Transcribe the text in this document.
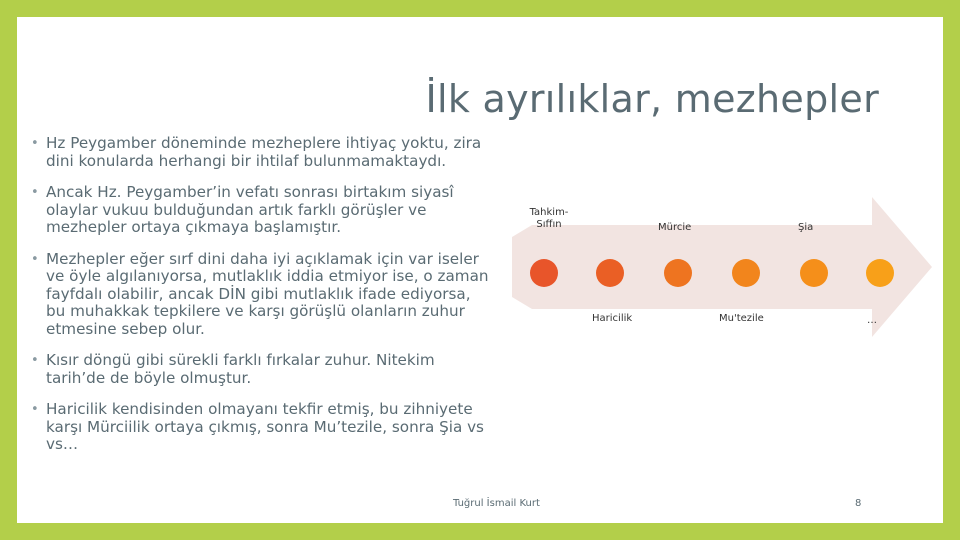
İlk ayrılıklar, mezhepler
• Hz Peygamber döneminde mezheplere ihtiyaç yoktu, zira dini konularda herhangi bir ihtilaf bulunmamaktaydı.
• Ancak Hz. Peygamber’in vefatı sonrası birtakım siyasî olaylar vukuu bulduğundan artık farklı görüşler ve mezhepler ortaya çıkmaya başlamıştır.
• Mezhepler eğer sırf dini daha iyi açıklamak için var iseler ve öyle algılanıyorsa, mutlaklık iddia etmiyor ise, o zaman fayfdalı olabilir, ancak DİN gibi mutlaklık ifade ediyorsa, bu muhakkak tepkilere ve karşı görüşlü olanların zuhur etmesine sebep olur.
• Kısır döngü gibi sürekli farklı fırkalar zuhur. Nitekim tarih’de de böyle olmuştur.
• Haricilik kendisinden olmayanı tekfir etmiş, bu zihniyete karşı Mürciilik ortaya çıkmış, sonra Mu’tezile, sonra Şia vs vs…
Tahkim-Sıffın	Mürcie	Şia
Haricilik	Mu'tezile	…
Tuğrul İsmail Kurt	8
